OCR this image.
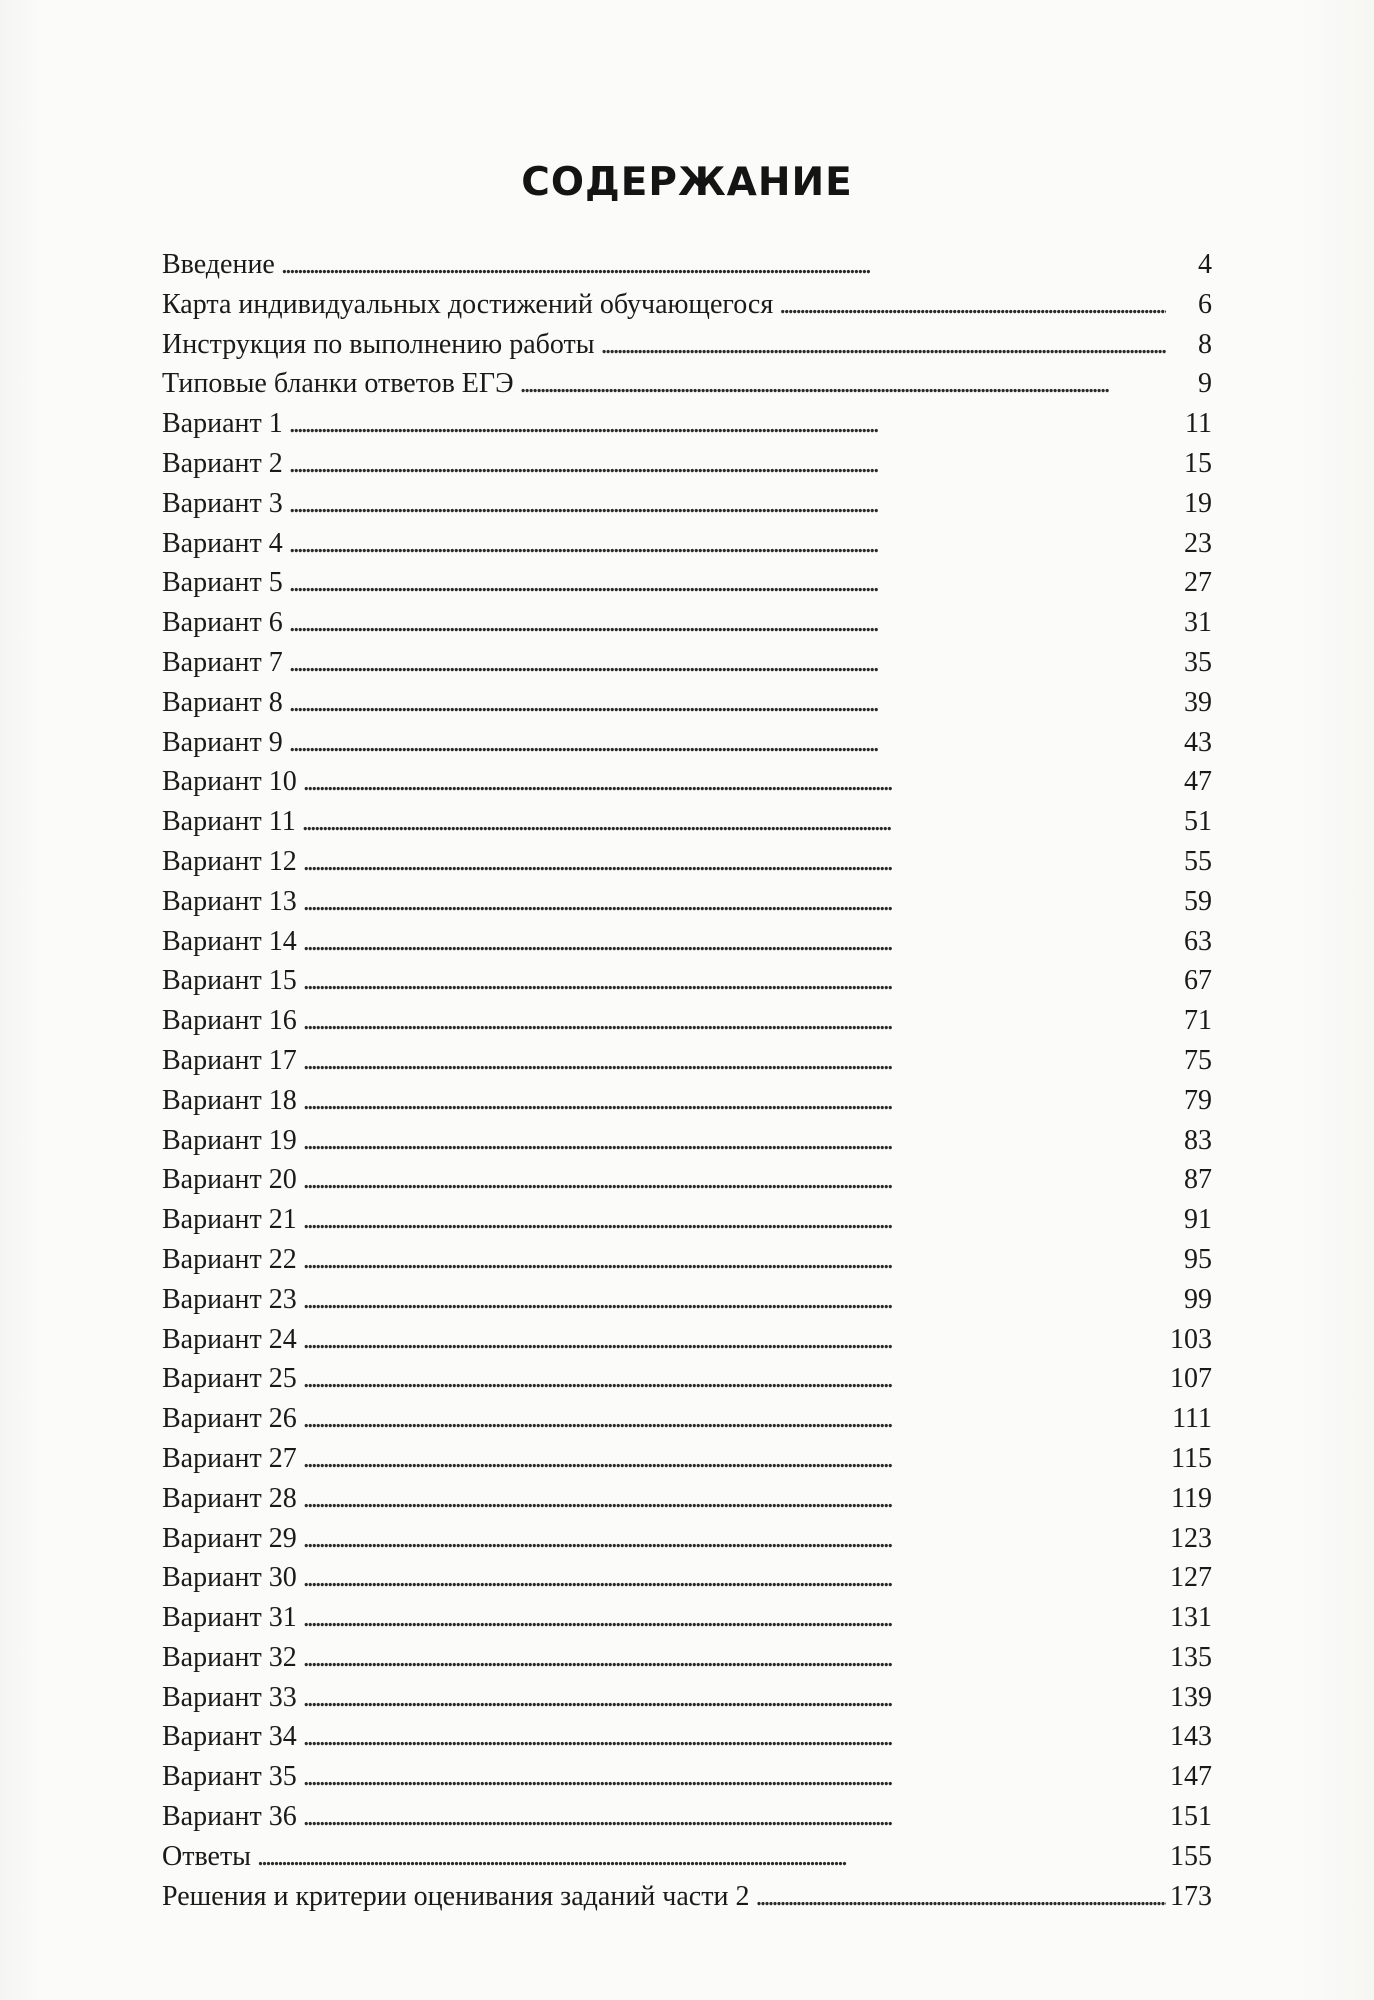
СОДЕРЖАНИЕ
Введение . . .	4
Карта индивидуальных достижений обучающегося . . .	6
Инструкция по выполнению работы . . .	8
Типовые бланки ответов ЕГЭ . . .	9
Вариант 1 . . .	11
Вариант 2 . . .	15
Вариант 3 . . .	19
Вариант 4 . . .	23
Вариант 5 . . .	27
Вариант 6 . . .	31
Вариант 7 . . .	35
Вариант 8 . . .	39
Вариант 9 . . .	43
Вариант 10 . . .	47
Вариант 11 . . .	51
Вариант 12 . . .	55
Вариант 13 . . .	59
Вариант 14 . . .	63
Вариант 15 . . .	67
Вариант 16 . . .	71
Вариант 17 . . .	75
Вариант 18 . . .	79
Вариант 19 . . .	83
Вариант 20 . . .	87
Вариант 21 . . .	91
Вариант 22 . . .	95
Вариант 23 . . .	99
Вариант 24 . . .	103
Вариант 25 . . .	107
Вариант 26 . . .	111
Вариант 27 . . .	115
Вариант 28 . . .	119
Вариант 29 . . .	123
Вариант 30 . . .	127
Вариант 31 . . .	131
Вариант 32 . . .	135
Вариант 33 . . .	139
Вариант 34 . . .	143
Вариант 35 . . .	147
Вариант 36 . . .	151
Ответы . . .	155
Решения и критерии оценивания заданий части 2 . . .	173
